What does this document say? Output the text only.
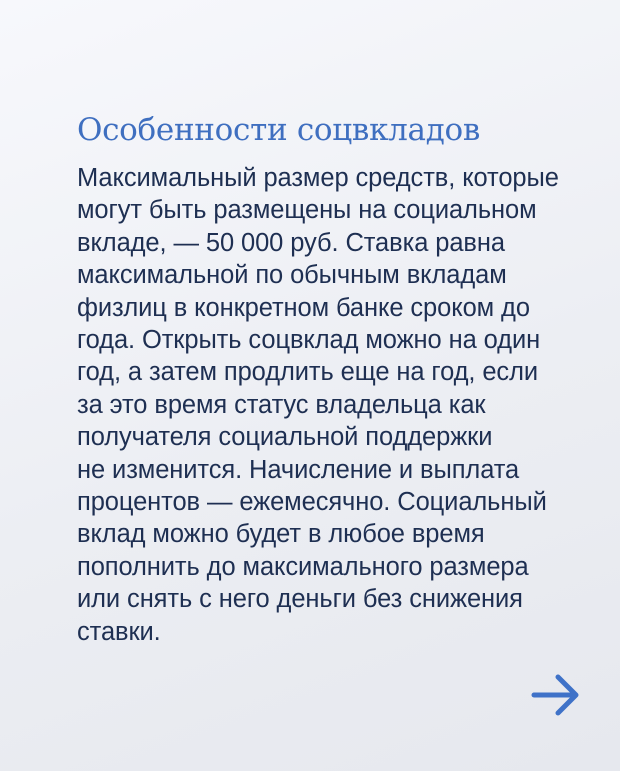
Особенности соцвкладов

Максимальный размер средств, которые
могут быть размещены на социальном
вкладе, — 50 000 руб. Ставка равна
максимальной по обычным вкладам
физлиц в конкретном банке сроком до
года. Открыть соцвклад можно на один
год, а затем продлить еще на год, если
за это время статус владельца как
получателя социальной поддержки
не изменится. Начисление и выплата
процентов — ежемесячно. Социальный
вклад можно будет в любое время
пополнить до максимального размера
или снять с него деньги без снижения
ставки.
